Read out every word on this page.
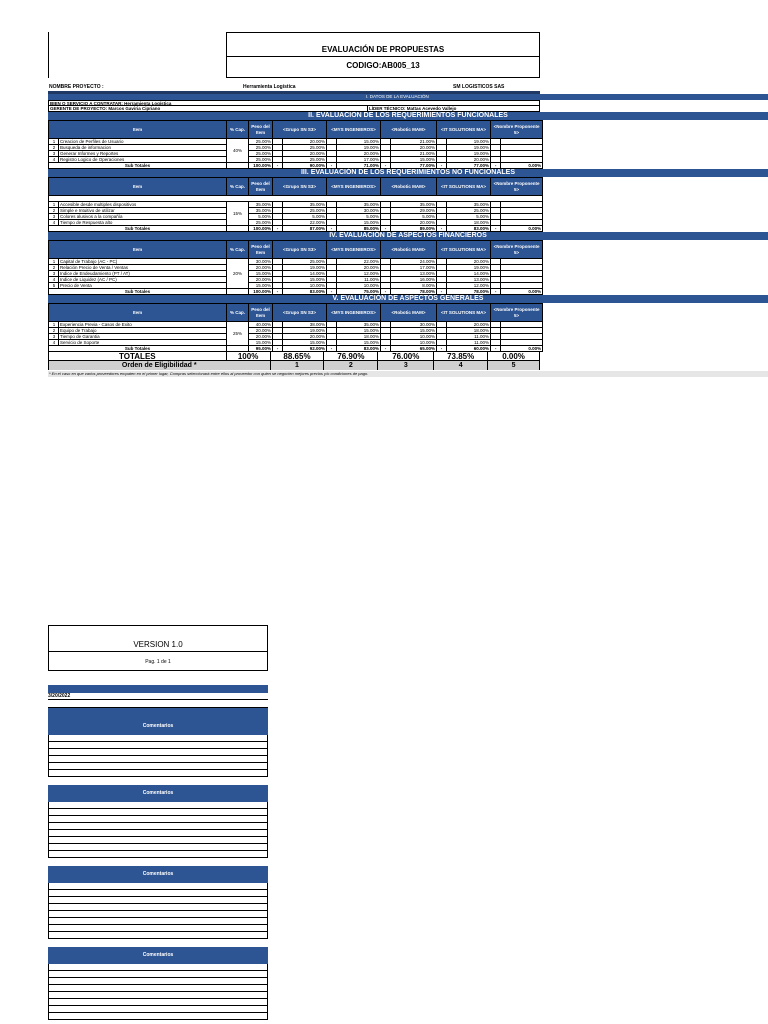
EVALUACIÓN DE PROPUESTAS
CODIGO:AB005_13
NOMBRE PROYECTO :	Herramienta Logística	SM LOGISTICOS SAS
I. DATOS DE LA EVALUACIÓN
BIEN O SERVICIO A CONTRATAR: Herramienta Logística
GERENTE DE PROYECTO: Marcos Gaviria Cipriano	LÍDER TÉCNICO: Mattas Acevedo Vallejo
II. EVALUACIÓN DE LOS REQUERIMIENTOS FUNCIONALES
Item	% Cap.	Peso del Item	<Grupo SN S3>		<MYS INGENIEROS>		<Robotic MAM>		<IT SOLUTIONS MA>		<Nombre Proponente 5>	
1 Creacion de Perfiles de Usuario	40%	25.00%		20.00%		15.00%		21.00%		19.00%		
2 Busqueda de informacion		25.00%		25.00%		19.00%		20.00%		19.00%		
3 Generar Informes y Reportes		25.00%		20.00%		20.00%		21.00%		19.00%		
4 Registro Logico de Operaciones		25.00%		25.00%		17.00%		15.00%		20.00%		
Sub Totales		100.00%	-	90.00%	-	71.00%	-	77.00%	-	77.00%	-	0.00%
III. EVALUACIÓN DE LOS REQUERIMIENTOS NO FUNCIONALES
Item	% Cap.	Peso del Item	<Grupo SN S3>		<MYS INGENIEROS>		<Robotic MAM>		<IT SOLUTIONS MA>		<Nombre Proponente 5>	

1 Accesible desde multiples dispositivos	15%	35.00%		35.00%		35.00%		35.00%		35.00%		
2 Simple e Intuitivo de utilizar		35.00%		25.00%		30.00%		29.00%		25.00%		
3 Colores alusivos a la compañía		5.00%		5.00%		5.00%		5.00%		5.00%		
4 Tiempo de Respuesta alto		25.00%		22.00%		15.00%		20.00%		18.00%		
Sub Totales		100.00%	-	87.00%	-	85.00%	-	89.00%	-	83.00%	-	0.00%
IV. EVALUACIÓN DE ASPECTOS FINANCIEROS
Item	% Cap.	Peso del Item	<Grupo SN S3>		<MYS INGENIEROS>		<Robotic MAM>		<IT SOLUTIONS MA>		<Nombre Proponente 5>	
1 Capital de Trabajo (AC - PC)	20%	30.00%		25.00%		22.00%		24.00%		20.00%		
2 Relación Precio de Venta / Ventas		20.00%		19.00%		20.00%		17.00%		19.00%		
3 Indice de Endeudamiento (PT / AT)		15.00%		14.00%		12.00%		13.00%		14.00%		
4 Indice de Liquidez (AC / PC)		20.00%		15.00%		11.00%		16.00%		13.00%		
5 Precio de Venta		15.00%		10.00%		10.00%		8.00%		12.00%		
Sub Totales		100.00%	-	83.00%	-	75.00%	-	78.00%	-	78.00%	-	0.00%
V. EVALUACIÓN DE ASPECTOS GENERALES
Item	% Cap.	Peso del Item	<Grupo SN S3>		<MYS INGENIEROS>		<Robotic MAM>		<IT SOLUTIONS MA>		<Nombre Proponente 5>	
1 Experiencia Previa - Casos de Exito	25%	40.00%		38.00%		35.00%		30.00%		20.00%		
2 Equipo de Trabajo		20.00%		19.00%		15.00%		15.00%		18.00%		
3 Tiempo de Garantia		20.00%		20.00%		18.00%		10.00%		11.00%		
4 Servicio de Soporte		15.00%		15.00%		15.00%		10.00%		11.00%		
Sub Totales		95.00%	-	92.00%	-	83.00%	-	65.00%	-	60.00%	-	0.00%
TOTALES	100%	88.65%	76.90%	76.00%	73.85%	0.00%
Orden de Eligibilidad *	1	2	3	4	5
* En el caso en que varios proveedores empaten en el primer lugar, Compras seleccionará entre ellos al proveedor con quien se negocien mejores precios y/o condiciones de pago.
VERSION 1.0
Pag. 1 de 1
3/20/2022
Comentarios
Comentarios
Comentarios
Comentarios
